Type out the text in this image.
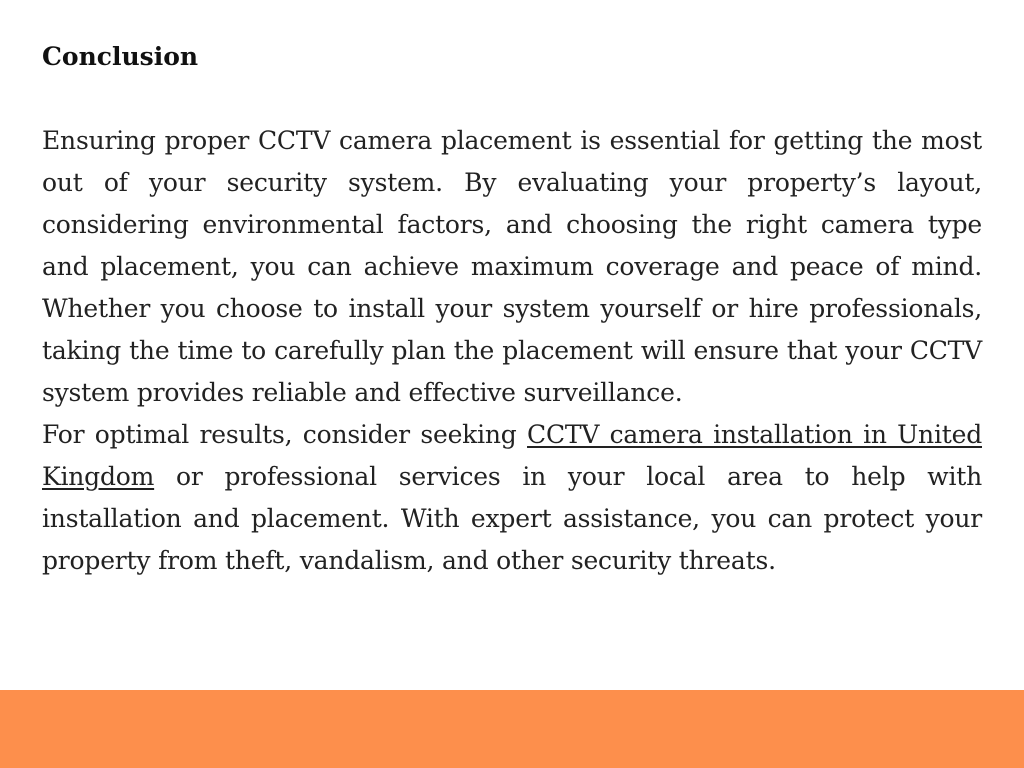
Conclusion

Ensuring proper CCTV camera placement is essential for getting the most out of your security system. By evaluating your property’s layout, considering environmental factors, and choosing the right camera type and placement, you can achieve maximum coverage and peace of mind. Whether you choose to install your system yourself or hire professionals, taking the time to carefully plan the placement will ensure that your CCTV system provides reliable and effective surveillance.

For optimal results, consider seeking CCTV camera installation in United Kingdom or professional services in your local area to help with installation and placement. With expert assistance, you can protect your property from theft, vandalism, and other security threats.
